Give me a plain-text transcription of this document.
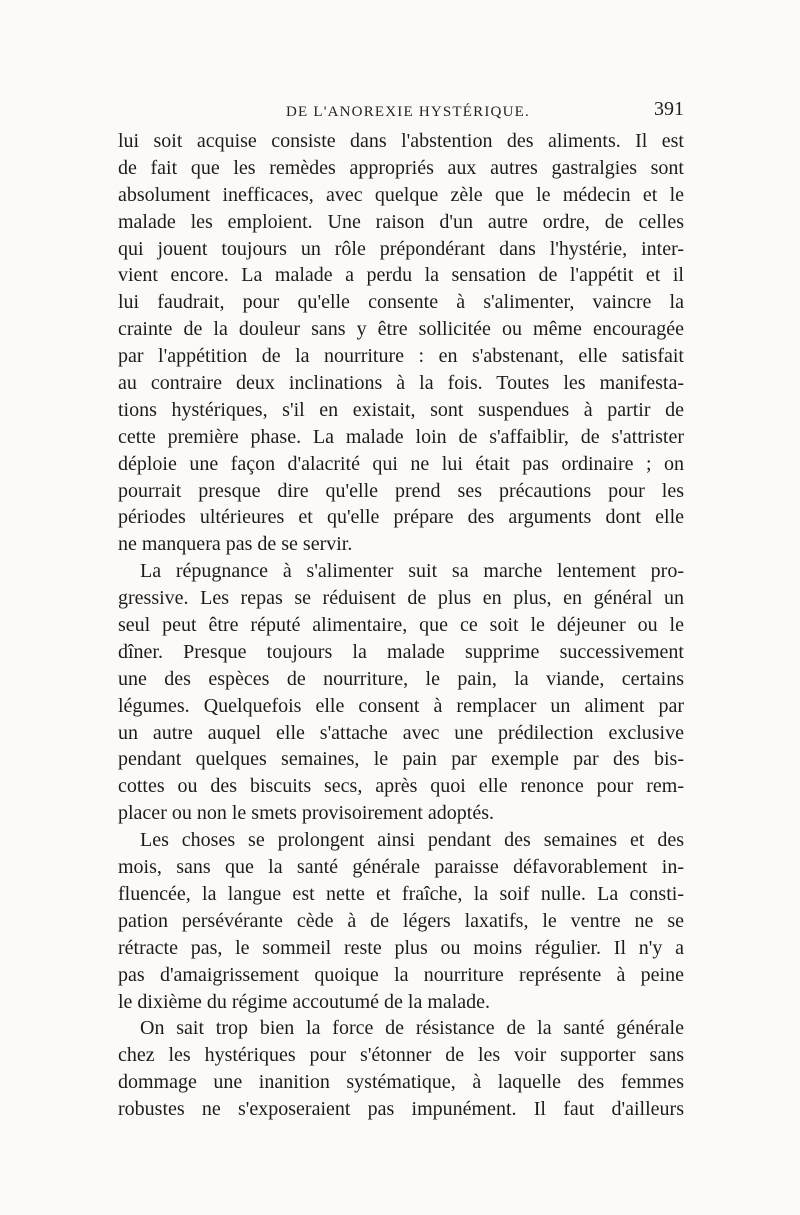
DE L'ANOREXIE HYSTÉRIQUE.	391
lui soit acquise consiste dans l'abstention des aliments. Il est
de fait que les remèdes appropriés aux autres gastralgies sont
absolument inefficaces, avec quelque zèle que le médecin et le
malade les emploient. Une raison d'un autre ordre, de celles
qui jouent toujours un rôle prépondérant dans l'hystérie, inter-
vient encore. La malade a perdu la sensation de l'appétit et il
lui faudrait, pour qu'elle consente à s'alimenter, vaincre la
crainte de la douleur sans y être sollicitée ou même encouragée
par l'appétition de la nourriture : en s'abstenant, elle satisfait
au contraire deux inclinations à la fois. Toutes les manifesta-
tions hystériques, s'il en existait, sont suspendues à partir de
cette première phase. La malade loin de s'affaiblir, de s'attrister
déploie une façon d'alacrité qui ne lui était pas ordinaire ; on
pourrait presque dire qu'elle prend ses précautions pour les
périodes ultérieures et qu'elle prépare des arguments dont elle
ne manquera pas de se servir.
La répugnance à s'alimenter suit sa marche lentement pro-
gressive. Les repas se réduisent de plus en plus, en général un
seul peut être réputé alimentaire, que ce soit le déjeuner ou le
dîner. Presque toujours la malade supprime successivement
une des espèces de nourriture, le pain, la viande, certains
légumes. Quelquefois elle consent à remplacer un aliment par
un autre auquel elle s'attache avec une prédilection exclusive
pendant quelques semaines, le pain par exemple par des bis-
cottes ou des biscuits secs, après quoi elle renonce pour rem-
placer ou non le smets provisoirement adoptés.
Les choses se prolongent ainsi pendant des semaines et des
mois, sans que la santé générale paraisse défavorablement in-
fluencée, la langue est nette et fraîche, la soif nulle. La consti-
pation persévérante cède à de légers laxatifs, le ventre ne se
rétracte pas, le sommeil reste plus ou moins régulier. Il n'y a
pas d'amaigrissement quoique la nourriture représente à peine
le dixième du régime accoutumé de la malade.
On sait trop bien la force de résistance de la santé générale
chez les hystériques pour s'étonner de les voir supporter sans
dommage une inanition systématique, à laquelle des femmes
robustes ne s'exposeraient pas impunément. Il faut d'ailleurs
